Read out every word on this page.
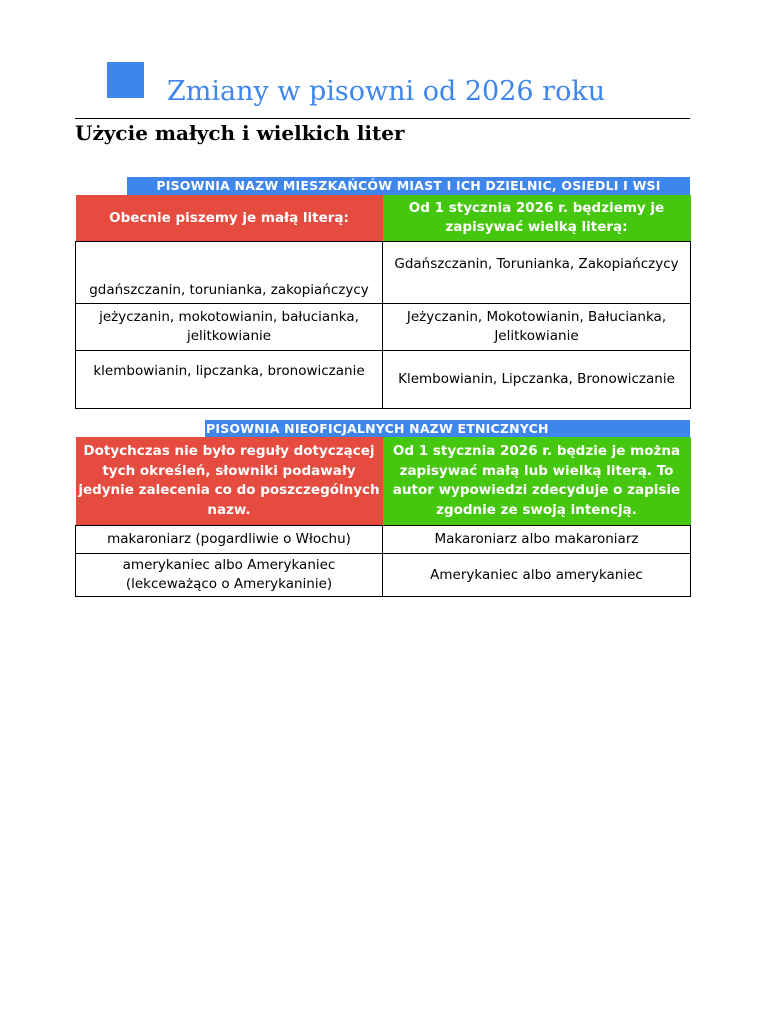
Zmiany w pisowni od 2026 roku
Użycie małych i wielkich liter
PISOWNIA NAZW MIESZKAŃCÓW MIAST I ICH DZIELNIC, OSIEDLI I WSI
Obecnie piszemy je małą literą:	Od 1 stycznia 2026 r. będziemy je zapisywać wielką literą:
gdańszczanin, torunianka, zakopiańczycy	Gdańszczanin, Torunianka, Zakopiańczycy
jeżyczanin, mokotowianin, bałucianka, jelitkowianie	Jeżyczanin, Mokotowianin, Bałucianka, Jelitkowianie
klembowianin, lipczanka, bronowiczanie	Klembowianin, Lipczanka, Bronowiczanie
PISOWNIA NIEOFICJALNYCH NAZW ETNICZNYCH
Dotychczas nie było reguły dotyczącej tych określeń, słowniki podawały jedynie zalecenia co do poszczególnych nazw.	Od 1 stycznia 2026 r. będzie je można zapisywać małą lub wielką literą. To autor wypowiedzi zdecyduje o zapisie zgodnie ze swoją intencją.
makaroniarz (pogardliwie o Włochu)	Makaroniarz albo makaroniarz
amerykaniec albo Amerykaniec (lekceważąco o Amerykaninie)	Amerykaniec albo amerykaniec
